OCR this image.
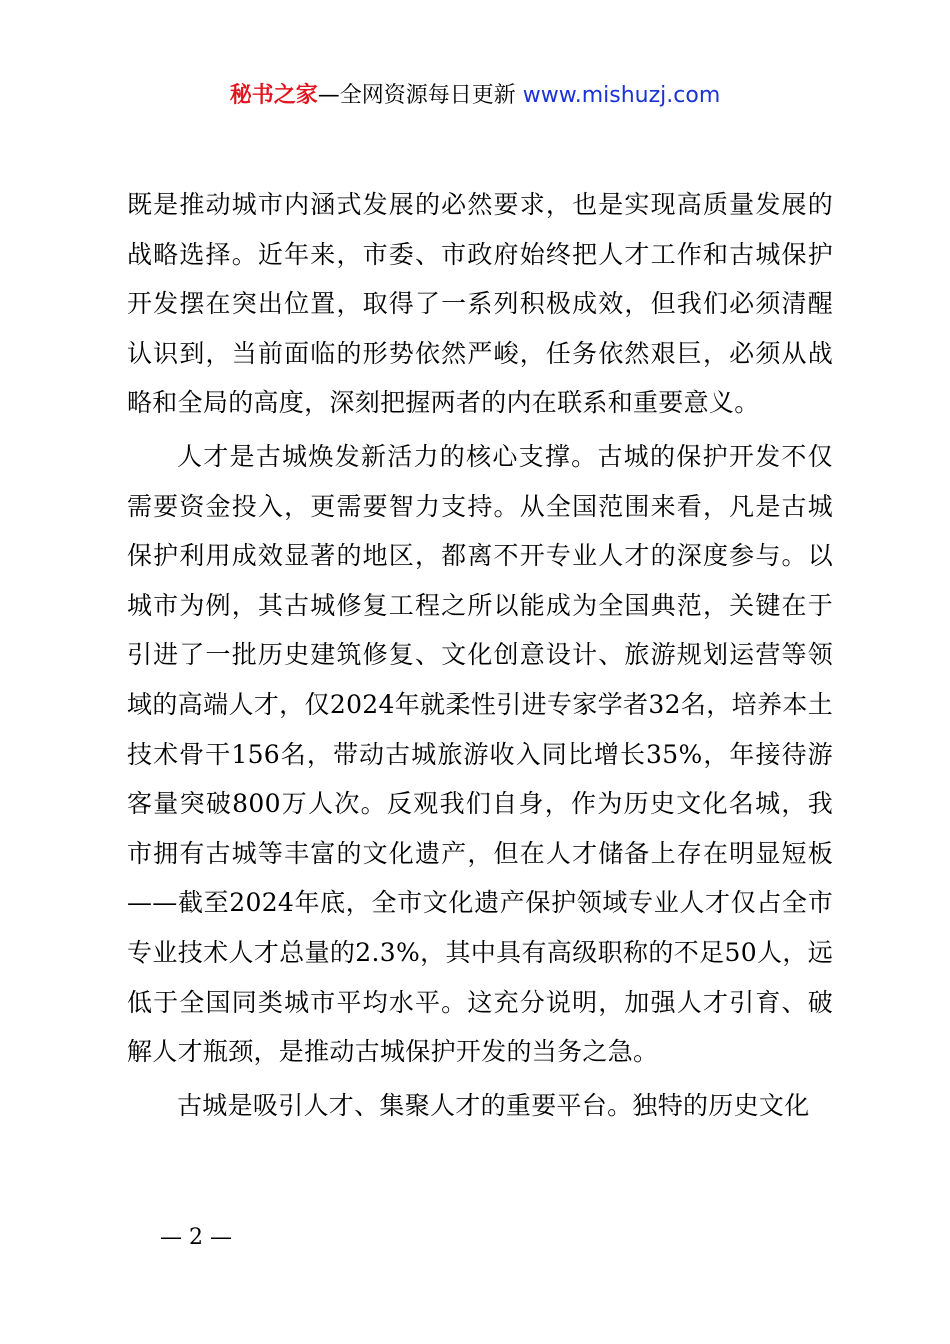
秘书之家—全网资源每日更新 www.mishuzj.com

既是推动城市内涵式发展的必然要求，也是实现高质量发展的战略选择。近年来，市委、市政府始终把人才工作和古城保护开发摆在突出位置，取得了一系列积极成效，但我们必须清醒认识到，当前面临的形势依然严峻，任务依然艰巨，必须从战略和全局的高度，深刻把握两者的内在联系和重要意义。

人才是古城焕发新活力的核心支撑。古城的保护开发不仅需要资金投入，更需要智力支持。从全国范围来看，凡是古城保护利用成效显著的地区，都离不开专业人才的深度参与。以城市为例，其古城修复工程之所以能成为全国典范，关键在于引进了一批历史建筑修复、文化创意设计、旅游规划运营等领域的高端人才，仅2024年就柔性引进专家学者32名，培养本土技术骨干156名，带动古城旅游收入同比增长35%，年接待游客量突破800万人次。反观我们自身，作为历史文化名城，我市拥有古城等丰富的文化遗产，但在人才储备上存在明显短板——截至2024年底，全市文化遗产保护领域专业人才仅占全市专业技术人才总量的2.3%，其中具有高级职称的不足50人，远低于全国同类城市平均水平。这充分说明，加强人才引育、破解人才瓶颈，是推动古城保护开发的当务之急。

古城是吸引人才、集聚人才的重要平台。独特的历史文化

— 2 —
